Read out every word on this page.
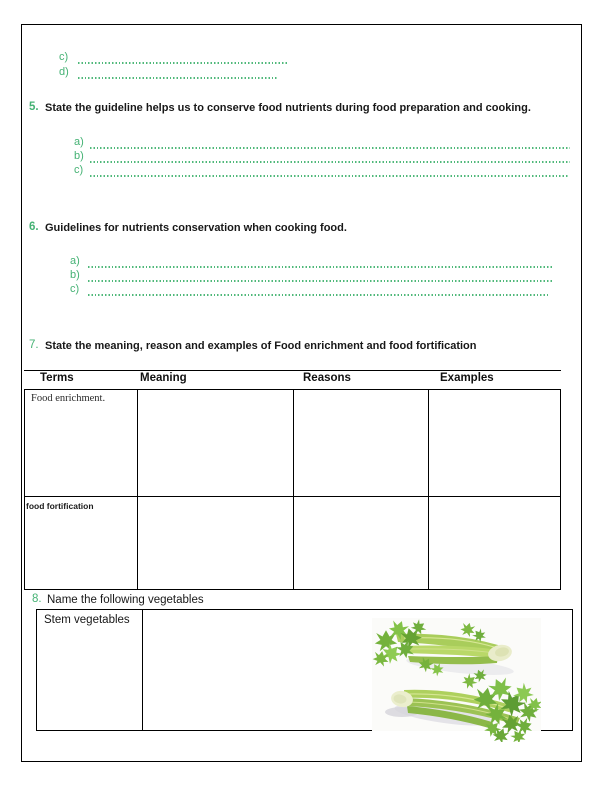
c)
d)
5. State the guideline helps us to conserve food nutrients during food preparation and cooking.
a)
b)
c)
6. Guidelines for nutrients conservation when cooking food.
a)
b)
c)
7. State the meaning, reason and examples of Food enrichment and food fortification
Terms	Meaning	Reasons	Examples
Food enrichment.
food fortification
8. Name the following vegetables
Stem vegetables
